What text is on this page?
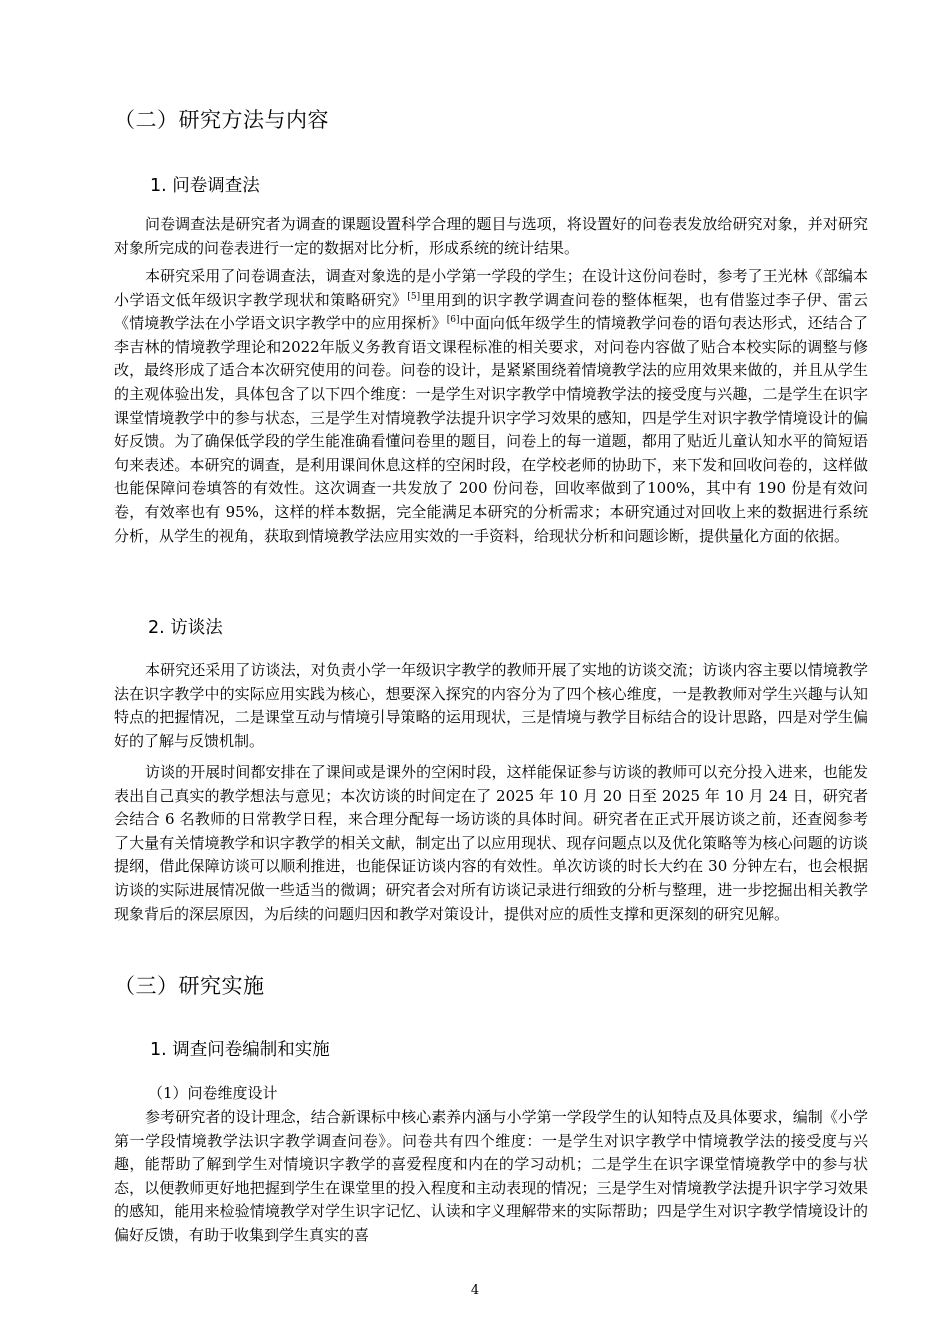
（二）研究方法与内容
1. 问卷调查法

问卷调查法是研究者为调查的课题设置科学合理的题目与选项，将设置好的问卷表发放给研究对象，并对研究对象所完成的问卷表进行一定的数据对比分析，形成系统的统计结果。

本研究采用了问卷调查法，调查对象选的是小学第一学段的学生；在设计这份问卷时，参考了王光林《部编本小学语文低年级识字教学现状和策略研究》[5]里用到的识字教学调查问卷的整体框架，也有借鉴过李子伊、雷云《情境教学法在小学语文识字教学中的应用探析》[6]中面向低年级学生的情境教学问卷的语句表达形式，还结合了李吉林的情境教学理论和2022年版义务教育语文课程标准的相关要求，对问卷内容做了贴合本校实际的调整与修改，最终形成了适合本次研究使用的问卷。问卷的设计，是紧紧围绕着情境教学法的应用效果来做的，并且从学生的主观体验出发，具体包含了以下四个维度：一是学生对识字教学中情境教学法的接受度与兴趣，二是学生在识字课堂情境教学中的参与状态，三是学生对情境教学法提升识字学习效果的感知，四是学生对识字教学情境设计的偏好反馈。为了确保低学段的学生能准确看懂问卷里的题目，问卷上的每一道题，都用了贴近儿童认知水平的简短语句来表述。本研究的调查，是利用课间休息这样的空闲时段，在学校老师的协助下，来下发和回收问卷的，这样做也能保障问卷填答的有效性。这次调查一共发放了 200 份问卷，回收率做到了100%，其中有 190 份是有效问卷，有效率也有 95%，这样的样本数据，完全能满足本研究的分析需求；本研究通过对回收上来的数据进行系统分析，从学生的视角，获取到情境教学法应用实效的一手资料，给现状分析和问题诊断，提供量化方面的依据。

2. 访谈法

本研究还采用了访谈法，对负责小学一年级识字教学的教师开展了实地的访谈交流；访谈内容主要以情境教学法在识字教学中的实际应用实践为核心，想要深入探究的内容分为了四个核心维度，一是教教师对学生兴趣与认知特点的把握情况，二是课堂互动与情境引导策略的运用现状，三是情境与教学目标结合的设计思路，四是对学生偏好的了解与反馈机制。

访谈的开展时间都安排在了课间或是课外的空闲时段，这样能保证参与访谈的教师可以充分投入进来，也能发表出自己真实的教学想法与意见；本次访谈的时间定在了 2025 年 10 月 20 日至 2025 年 10 月 24 日，研究者会结合 6 名教师的日常教学日程，来合理分配每一场访谈的具体时间。研究者在正式开展访谈之前，还查阅参考了大量有关情境教学和识字教学的相关文献，制定出了以应用现状、现存问题点以及优化策略等为核心问题的访谈提纲，借此保障访谈可以顺利推进，也能保证访谈内容的有效性。单次访谈的时长大约在 30 分钟左右，也会根据访谈的实际进展情况做一些适当的微调；研究者会对所有访谈记录进行细致的分析与整理，进一步挖掘出相关教学现象背后的深层原因，为后续的问题归因和教学对策设计，提供对应的质性支撑和更深刻的研究见解。

（三）研究实施
1. 调查问卷编制和实施
（1）问卷维度设计

参考研究者的设计理念，结合新课标中核心素养内涵与小学第一学段学生的认知特点及具体要求，编制《小学第一学段情境教学法识字教学调查问卷》。问卷共有四个维度：一是学生对识字教学中情境教学法的接受度与兴趣，能帮助了解到学生对情境识字教学的喜爱程度和内在的学习动机；二是学生在识字课堂情境教学中的参与状态，以便教师更好地把握到学生在课堂里的投入程度和主动表现的情况；三是学生对情境教学法提升识字学习效果的感知，能用来检验情境教学对学生识字记忆、认读和字义理解带来的实际帮助；四是学生对识字教学情境设计的偏好反馈，有助于收集到学生真实的喜

4
